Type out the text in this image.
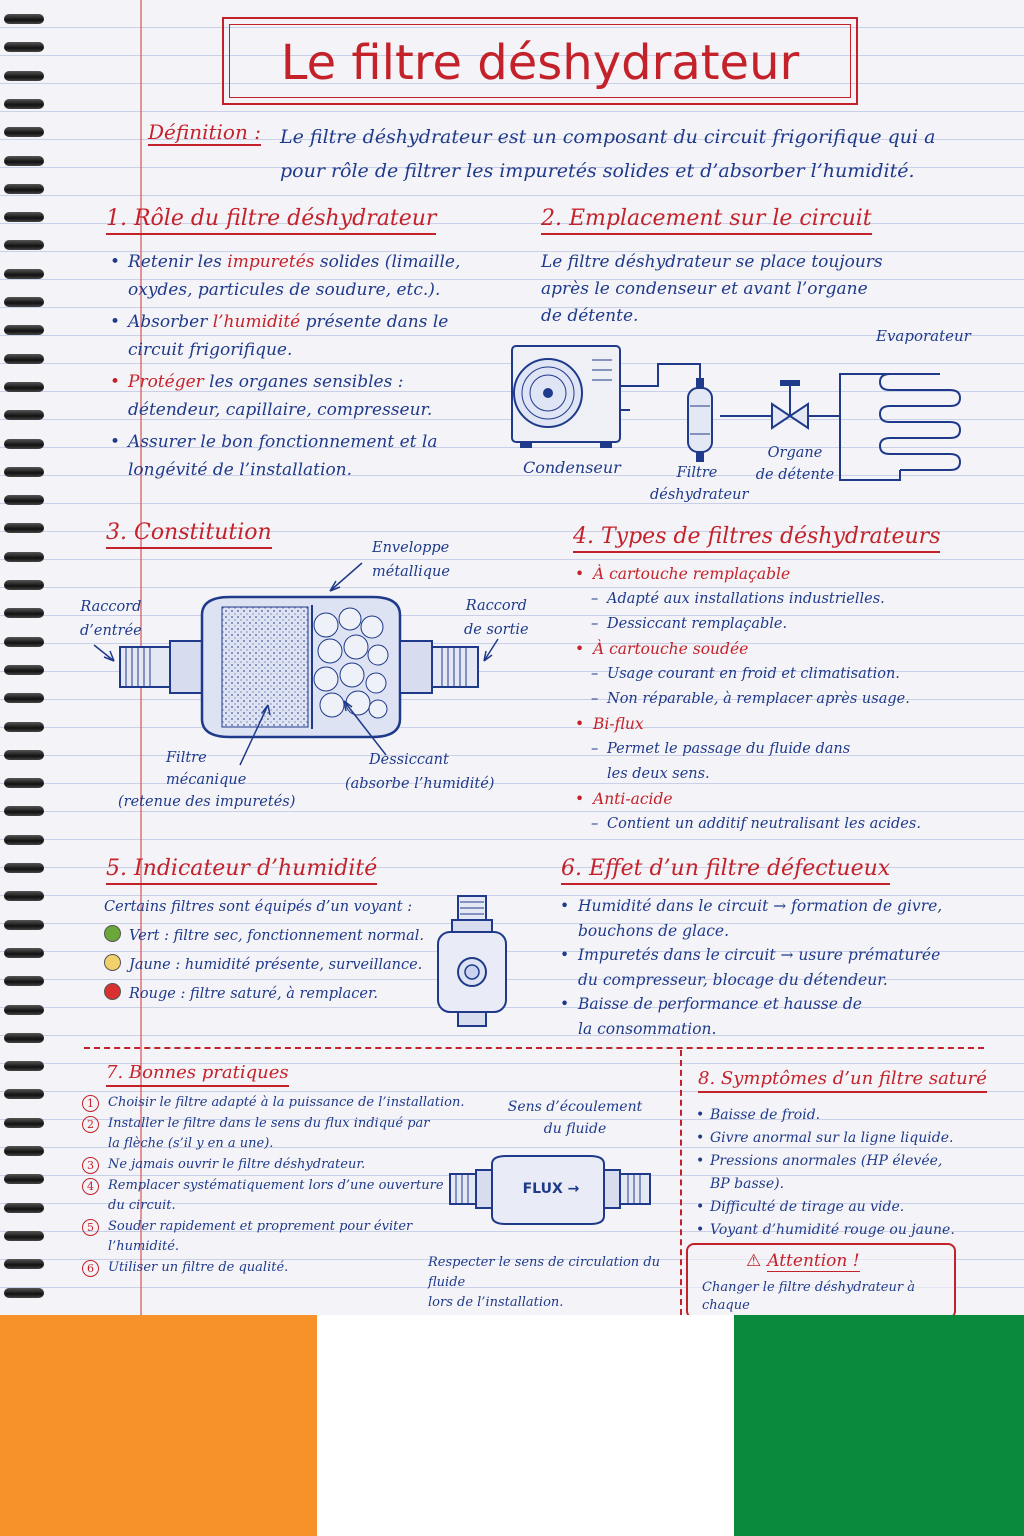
Le filtre déshydrateur
Définition : Le filtre déshydrateur est un composant du circuit frigorifique qui a
pour rôle de filtrer les impuretés solides et d’absorber l’humidité.
1. Rôle du filtre déshydrateur
• Retenir les impuretés solides (limaille,
oxydes, particules de soudure, etc.).
• Absorber l’humidité présente dans le
circuit frigorifique.
• Protéger les organes sensibles :
détendeur, capillaire, compresseur.
• Assurer le bon fonctionnement et la
longévité de l’installation.
2. Emplacement sur le circuit
Le filtre déshydrateur se place toujours
après le condenseur et avant l’organe
de détente.
Condenseur	Filtre
déshydrateur
Organe
de détente
Evaporateur
3. Constitution
Enveloppe
métallique
Raccord
d’entrée
Raccord
de sortie
Filtre
mécanique
(retenue des impuretés)
Dessiccant
(absorbe l’humidité)
4. Types de filtres déshydrateurs
• À cartouche remplaçable
– Adapté aux installations industrielles.
– Dessiccant remplaçable.
• À cartouche soudée
– Usage courant en froid et climatisation.
– Non réparable, à remplacer après usage.
• Bi-flux
– Permet le passage du fluide dans
les deux sens.
• Anti-acide
– Contient un additif neutralisant les acides.
5. Indicateur d’humidité
Certains filtres sont équipés d’un voyant :
Vert : filtre sec, fonctionnement normal.
Jaune : humidité présente, surveillance.
Rouge : filtre saturé, à remplacer.
6. Effet d’un filtre défectueux
• Humidité dans le circuit → formation de givre,
bouchons de glace.
• Impuretés dans le circuit → usure prématurée
du compresseur, blocage du détendeur.
• Baisse de performance et hausse de
la consommation.
7. Bonnes pratiques
1	Choisir le filtre adapté à la puissance de l’installation.
2	Installer le filtre dans le sens du flux indiqué par
la flèche (s’il y en a une).
3	Ne jamais ouvrir le filtre déshydrateur.
4	Remplacer systématiquement lors d’une ouverture
du circuit.
5	Souder rapidement et proprement pour éviter
l’humidité.
6	Utiliser un filtre de qualité.
Sens d’écoulement
du fluide
FLUX →
Respecter le sens de circulation du fluide
lors de l’installation.
8. Symptômes d’un filtre saturé
• Baisse de froid.
• Givre anormal sur la ligne liquide.
• Pressions anormales (HP élevée,
BP basse).
• Difficulté de tirage au vide.
• Voyant d’humidité rouge ou jaune.
⚠ Attention !
Changer le filtre déshydrateur à chaque
